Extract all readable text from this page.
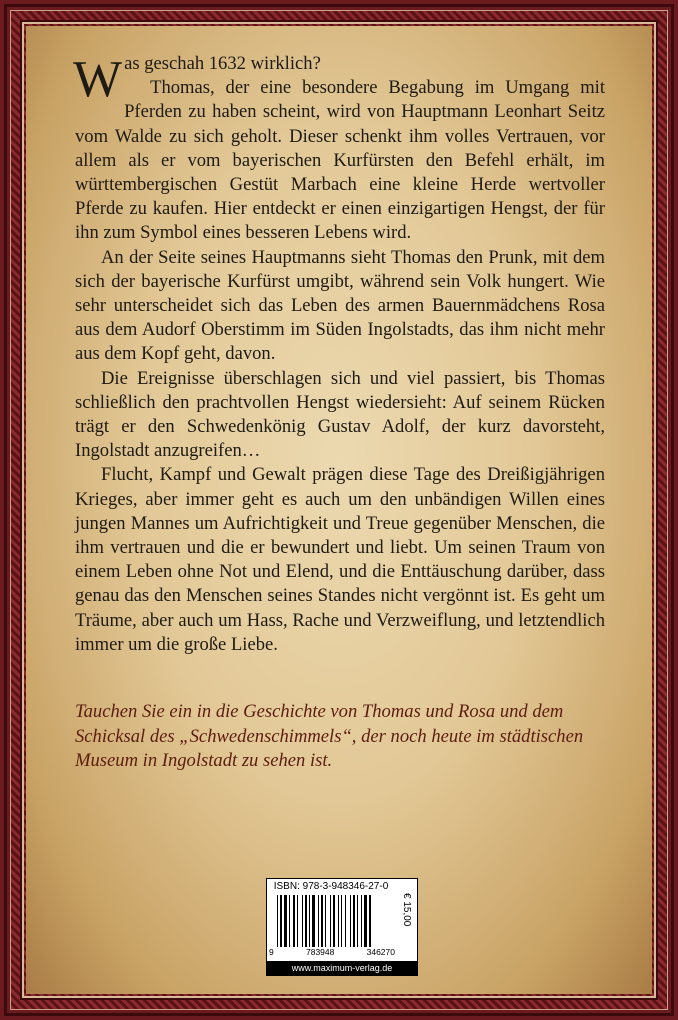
Was geschah 1632 wirklich?

Thomas, der eine besondere Begabung im Umgang mit Pferden zu haben scheint, wird von Hauptmann Leonhart Seitz vom Walde zu sich geholt. Dieser schenkt ihm volles Vertrauen, vor allem als er vom bayerischen Kurfürsten den Befehl erhält, im württembergischen Gestüt Marbach eine kleine Herde wertvoller Pferde zu kaufen. Hier entdeckt er einen einzigartigen Hengst, der für ihn zum Symbol eines besseren Lebens wird.

An der Seite seines Hauptmanns sieht Thomas den Prunk, mit dem sich der bayerische Kurfürst umgibt, während sein Volk hungert. Wie sehr unterscheidet sich das Leben des armen Bauernmädchens Rosa aus dem Audorf Oberstimm im Süden Ingolstadts, das ihm nicht mehr aus dem Kopf geht, davon.

Die Ereignisse überschlagen sich und viel passiert, bis Thomas schließlich den prachtvollen Hengst wiedersieht: Auf seinem Rücken trägt er den Schwedenkönig Gustav Adolf, der kurz davorsteht, Ingolstadt anzugreifen…

Flucht, Kampf und Gewalt prägen diese Tage des Dreißigjährigen Krieges, aber immer geht es auch um den unbändigen Willen eines jungen Mannes um Aufrichtigkeit und Treue gegenüber Menschen, die ihm vertrauen und die er bewundert und liebt. Um seinen Traum von einem Leben ohne Not und Elend, und die Enttäuschung darüber, dass genau das den Menschen seines Standes nicht vergönnt ist. Es geht um Träume, aber auch um Hass, Rache und Verzweiflung, und letztendlich immer um die große Liebe.

Tauchen Sie ein in die Geschichte von Thomas und Rosa und dem Schicksal des „Schwedenschimmels“, der noch heute im städtischen Museum in Ingolstadt zu sehen ist.
ISBN: 978-3-948346-27-0
€ 15,00
9	783948	346270
www.maximum-verlag.de
